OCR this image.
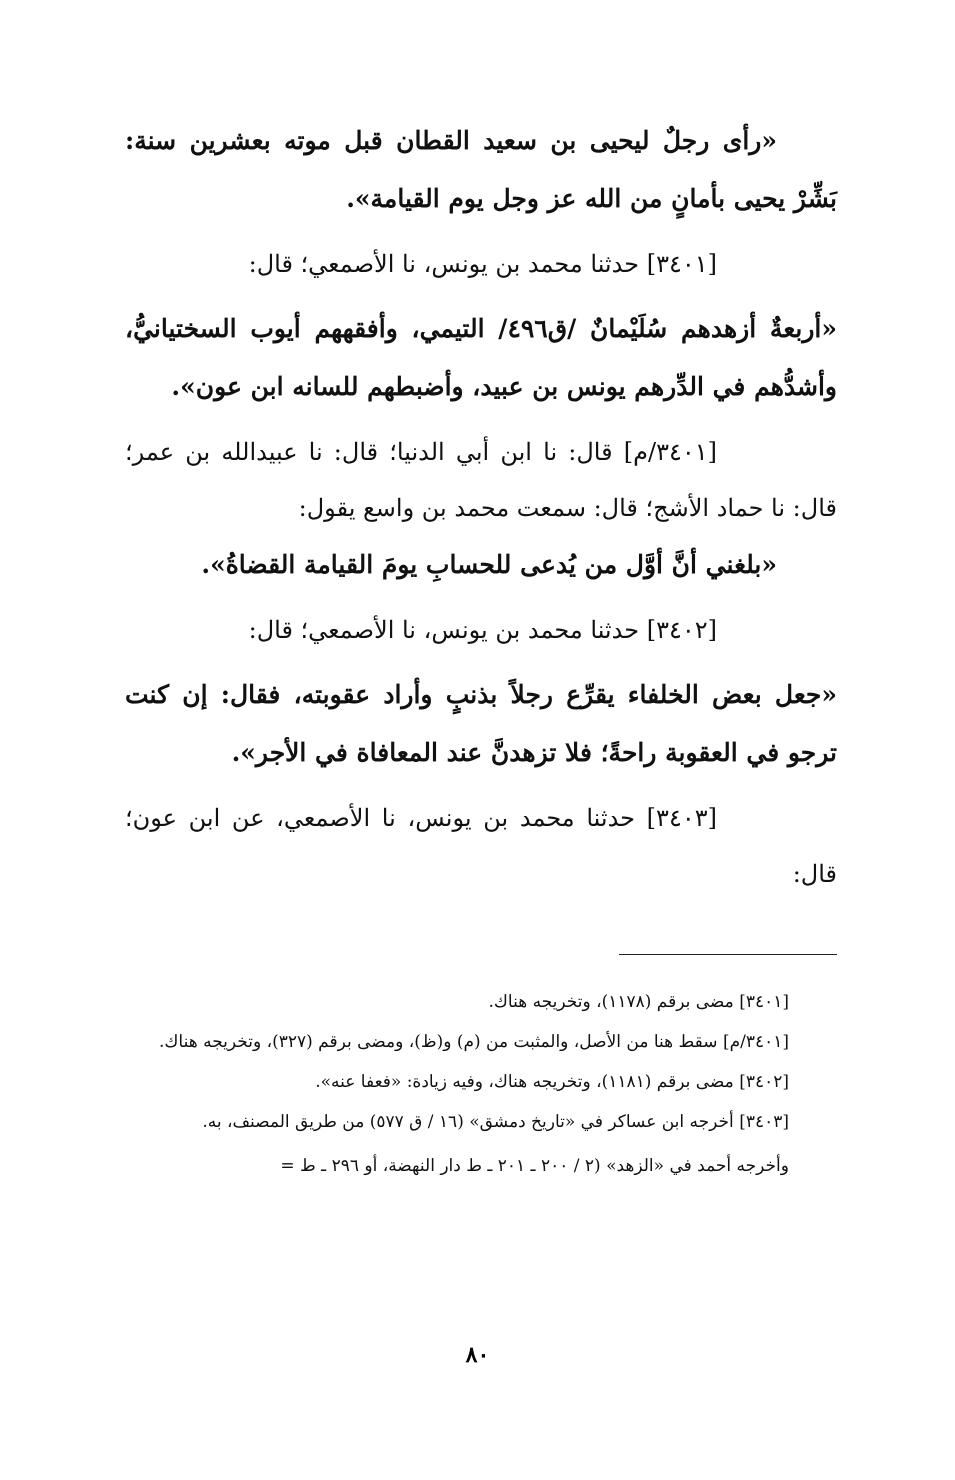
«رأى رجلٌ ليحيى بن سعيد القطان قبل موته بعشرين سنة: بَشِّرْ يحيى بأمانٍ من الله عز وجل يوم القيامة».

[٣٤٠١] حدثنا محمد بن يونس، نا الأصمعي؛ قال:

«أربعةٌ أزهدهم سُلَيْمانٌ /ق٤٩٦/ التيمي، وأفقههم أيوب السختيانيُّ، وأشدُّهم في الدِّرهم يونس بن عبيد، وأضبطهم للسانه ابن عون».

[٣٤٠١/م] قال: نا ابن أبي الدنيا؛ قال: نا عبيدالله بن عمر؛ قال: نا حماد الأشج؛ قال: سمعت محمد بن واسع يقول:

«بلغني أنَّ أوَّل من يُدعى للحسابِ يومَ القيامة القضاةُ».

[٣٤٠٢] حدثنا محمد بن يونس، نا الأصمعي؛ قال:

«جعل بعض الخلفاء يقرِّع رجلاً بذنبٍ وأراد عقوبته، فقال: إن كنت ترجو في العقوبة راحةً؛ فلا تزهدنَّ عند المعافاة في الأجر».

[٣٤٠٣] حدثنا محمد بن يونس، نا الأصمعي، عن ابن عون؛ قال:

[٣٤٠١] مضى برقم (١١٧٨)، وتخريجه هناك.

[٣٤٠١/م] سقط هنا من الأصل، والمثبت من (م) و(ظ)، ومضى برقم (٣٢٧)، وتخريجه هناك.

[٣٤٠٢] مضى برقم (١١٨١)، وتخريجه هناك، وفيه زيادة: «فعفا عنه».

[٣٤٠٣] أخرجه ابن عساكر في «تاريخ دمشق» (١٦ / ق ٥٧٧) من طريق المصنف، به.

وأخرجه أحمد في «الزهد» (٢ / ٢٠٠ ـ ٢٠١ ـ ط دار النهضة، أو ٢٩٦ ـ ط =

٨٠
